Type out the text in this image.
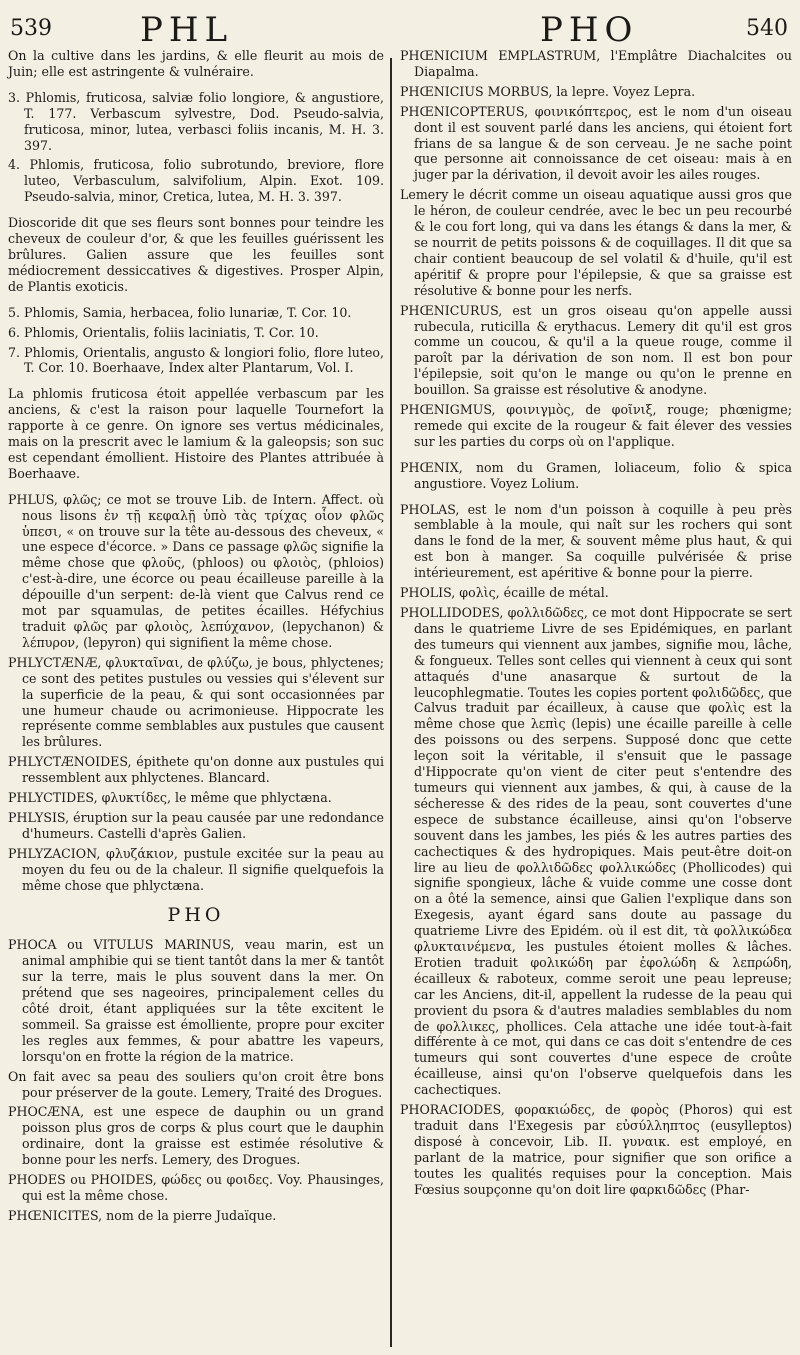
539	PHL	PHO	540

On la cultive dans les jardins, & elle fleurit au mois de Juin; elle est astringente & vulnéraire.

3. Phlomis, fruticosa, salviæ folio longiore, & angustiore, T. 177. Verbascum sylvestre, Dod. Pseudo-salvia, fruticosa, minor, lutea, verbasci foliis incanis, M. H. 3. 397.

4. Phlomis, fruticosa, folio subrotundo, breviore, flore luteo, Verbasculum, salvifolium, Alpin. Exot. 109. Pseudo-salvia, minor, Cretica, lutea, M. H. 3. 397.

Dioscoride dit que ses fleurs sont bonnes pour teindre les cheveux de couleur d'or, & que les feuilles guérissent les brûlures. Galien assure que les feuilles sont médiocrement dessiccatives & digestives. Prosper Alpin, de Plantis exoticis.

5. Phlomis, Samia, herbacea, folio lunariæ, T. Cor. 10.

6. Phlomis, Orientalis, foliis laciniatis, T. Cor. 10.

7. Phlomis, Orientalis, angusto & longiori folio, flore luteo, T. Cor. 10. Boerhaave, Index alter Plantarum, Vol. I.

La phlomis fruticosa étoit appellée verbascum par les anciens, & c'est la raison pour laquelle Tournefort la rapporte à ce genre. On ignore ses vertus médicinales, mais on la prescrit avec le lamium & la galeopsis; son suc est cependant émollient. Histoire des Plantes attribuée à Boerhaave.

PHLUS, φλῶς; ce mot se trouve Lib. de Intern. Affect. où nous lisons ἐν τῇ κεφαλῇ ὑπὸ τὰς τρίχας οἷον φλῶς ὑπεσι, « on trouve sur la tête au-dessous des cheveux, « une espece d'écorce. » Dans ce passage φλῶς signifie la même chose que φλοῦς, (phloos) ou φλοιὸς, (phloios) c'est-à-dire, une écorce ou peau écailleuse pareille à la dépouille d'un serpent: de-là vient que Calvus rend ce mot par squamulas, de petites écailles. Héfychius traduit φλῶς par φλοιὸς, λεπύχανον, (lepychanon) & λέπυρον, (lepyron) qui signifient la même chose.

PHLYCTÆNÆ, φλυκταῖναι, de φλύζω, je bous, phlyctenes; ce sont des petites pustules ou vessies qui s'élevent sur la superficie de la peau, & qui sont occasionnées par une humeur chaude ou acrimonieuse. Hippocrate les représente comme semblables aux pustules que causent les brûlures.

PHLYCTÆNOIDES, épithete qu'on donne aux pustules qui ressemblent aux phlyctenes. Blancard.

PHLYCTIDES, φλυκτίδες, le même que phlyctæna.

PHLYSIS, éruption sur la peau causée par une redondance d'humeurs. Castelli d'après Galien.

PHLYZACION, φλυζάκιον, pustule excitée sur la peau au moyen du feu ou de la chaleur. Il signifie quelquefois la même chose que phlyctæna.

PHO

PHOCA ou VITULUS MARINUS, veau marin, est un animal amphibie qui se tient tantôt dans la mer & tantôt sur la terre, mais le plus souvent dans la mer. On prétend que ses nageoires, principalement celles du côté droit, étant appliquées sur la tête excitent le sommeil. Sa graisse est émolliente, propre pour exciter les regles aux femmes, & pour abattre les vapeurs, lorsqu'on en frotte la région de la matrice.

On fait avec sa peau des souliers qu'on croit être bons pour préserver de la goute. Lemery, Traité des Drogues.

PHOCÆNA, est une espece de dauphin ou un grand poisson plus gros de corps & plus court que le dauphin ordinaire, dont la graisse est estimée résolutive & bonne pour les nerfs. Lemery, des Drogues.

PHODES ou PHOIDES, φώδες ou φοιδες. Voy. Phausinges, qui est la même chose.

PHŒNICITES, nom de la pierre Judaïque.

PHŒNICIUM EMPLASTRUM, l'Emplâtre Diachalcites ou Diapalma.

PHŒNICIUS MORBUS, la lepre. Voyez Lepra.

PHŒNICOPTERUS, φοινικόπτερος, est le nom d'un oiseau dont il est souvent parlé dans les anciens, qui étoient fort frians de sa langue & de son cerveau. Je ne sache point que personne ait connoissance de cet oiseau: mais à en juger par la dérivation, il devoit avoir les ailes rouges.

Lemery le décrit comme un oiseau aquatique aussi gros que le héron, de couleur cendrée, avec le bec un peu recourbé & le cou fort long, qui va dans les étangs & dans la mer, & se nourrit de petits poissons & de coquillages. Il dit que sa chair contient beaucoup de sel volatil & d'huile, qu'il est apéritif & propre pour l'épilepsie, & que sa graisse est résolutive & bonne pour les nerfs.

PHŒNICURUS, est un gros oiseau qu'on appelle aussi rubecula, ruticilla & erythacus. Lemery dit qu'il est gros comme un coucou, & qu'il a la queue rouge, comme il paroît par la dérivation de son nom. Il est bon pour l'épilepsie, soit qu'on le mange ou qu'on le prenne en bouillon. Sa graisse est résolutive & anodyne.

PHŒNIGMUS, φοινιγμὸς, de φοῖνιξ, rouge; phœnigme; remede qui excite de la rougeur & fait élever des vessies sur les parties du corps où on l'applique.

PHŒNIX, nom du Gramen, loliaceum, folio & spica angustiore. Voyez Lolium.

PHOLAS, est le nom d'un poisson à coquille à peu près semblable à la moule, qui naît sur les rochers qui sont dans le fond de la mer, & souvent même plus haut, & qui est bon à manger. Sa coquille pulvérisée & prise intérieurement, est apéritive & bonne pour la pierre.

PHOLIS, φολὶς, écaille de métal.

PHOLLIDODES, φολλιδῶδες, ce mot dont Hippocrate se sert dans le quatrieme Livre de ses Epidémiques, en parlant des tumeurs qui viennent aux jambes, signifie mou, lâche, & fongueux. Telles sont celles qui viennent à ceux qui sont attaqués d'une anasarque & surtout de la leucophlegmatie. Toutes les copies portent φολιδῶδες, que Calvus traduit par écailleux, à cause que φολὶς est la même chose que λεπὶς (lepis) une écaille pareille à celle des poissons ou des serpens. Supposé donc que cette leçon soit la véritable, il s'ensuit que le passage d'Hippocrate qu'on vient de citer peut s'entendre des tumeurs qui viennent aux jambes, & qui, à cause de la sécheresse & des rides de la peau, sont couvertes d'une espece de substance écailleuse, ainsi qu'on l'observe souvent dans les jambes, les piés & les autres parties des cachectiques & des hydropiques. Mais peut-être doit-on lire au lieu de φολλιδῶδες φολλικώδες (Phollicodes) qui signifie spongieux, lâche & vuide comme une cosse dont on a ôté la semence, ainsi que Galien l'explique dans son Exegesis, ayant égard sans doute au passage du quatrieme Livre des Epidém. où il est dit, τὰ φολλικώδεα φλυκταινέμενα, les pustules étoient molles & lâches. Erotien traduit φολικώδη par ἐφολώδη & λεπρώδη, écailleux & raboteux, comme seroit une peau lepreuse; car les Anciens, dit-il, appellent la rudesse de la peau qui provient du psora & d'autres maladies semblables du nom de φολλικες, phollices. Cela attache une idée tout-à-fait différente à ce mot, qui dans ce cas doit s'entendre de ces tumeurs qui sont couvertes d'une espece de croûte écailleuse, ainsi qu'on l'observe quelquefois dans les cachectiques.

PHORACIODES, φορακιώδες, de φορὸς (Phoros) qui est traduit dans l'Exegesis par εὐσύλληπτος (eusylleptos) disposé à concevoir, Lib. II. γυναικ. est employé, en parlant de la matrice, pour signifier que son orifice a toutes les qualités requises pour la conception. Mais Fœsius soupçonne qu'on doit lire φαρκιδῶδες (Phar-
